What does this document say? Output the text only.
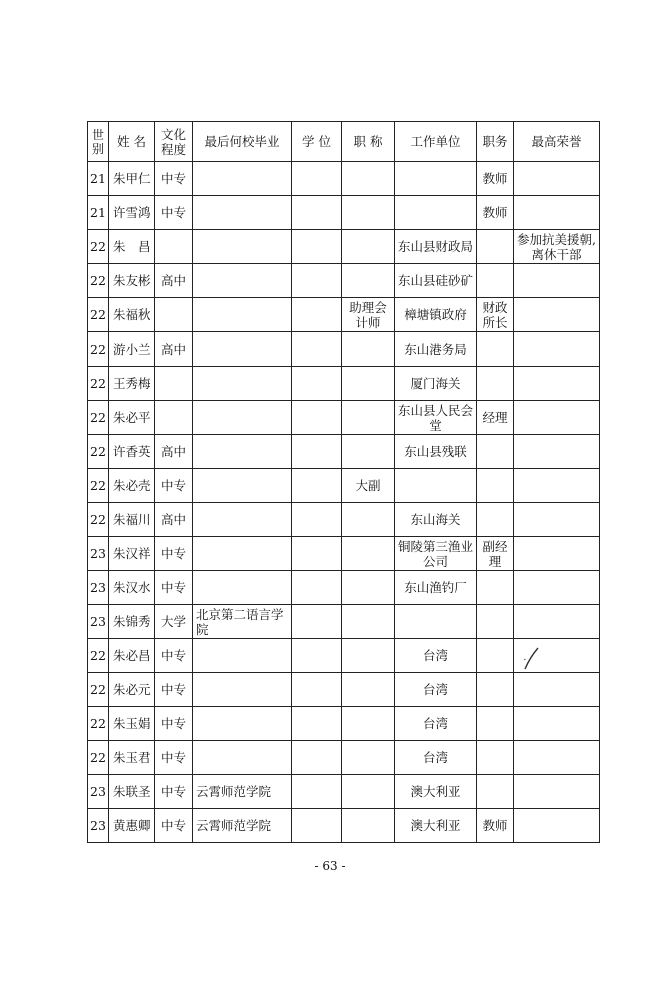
世别	姓 名	文化程度	最后何校毕业	学 位	职 称	工作单位	职务	最高荣誉
21	朱甲仁	中专					教师	
21	许雪鸿	中专					教师	
22	朱　昌					东山县财政局		参加抗美援朝,离休干部
22	朱友彬	高中				东山县硅砂矿		
22	朱福秋				助理会计师	樟塘镇政府	财政所长	
22	游小兰	高中				东山港务局		
22	王秀梅					厦门海关		
22	朱必平					东山县人民会堂	经理	
22	许香英	高中				东山县残联		
22	朱必壳	中专			大副			
22	朱福川	高中				东山海关		
23	朱汉祥	中专				铜陵第三渔业公司	副经理	
23	朱汉水	中专				东山渔钓厂		
23	朱锦秀	大学	北京第二语言学院					
22	朱必昌	中专				台湾		
22	朱必元	中专				台湾		
22	朱玉娟	中专				台湾		
22	朱玉君	中专				台湾		
23	朱联圣	中专	云霄师范学院			澳大利亚		
23	黄惠卿	中专	云霄师范学院			澳大利亚	教师	
- 63 -
